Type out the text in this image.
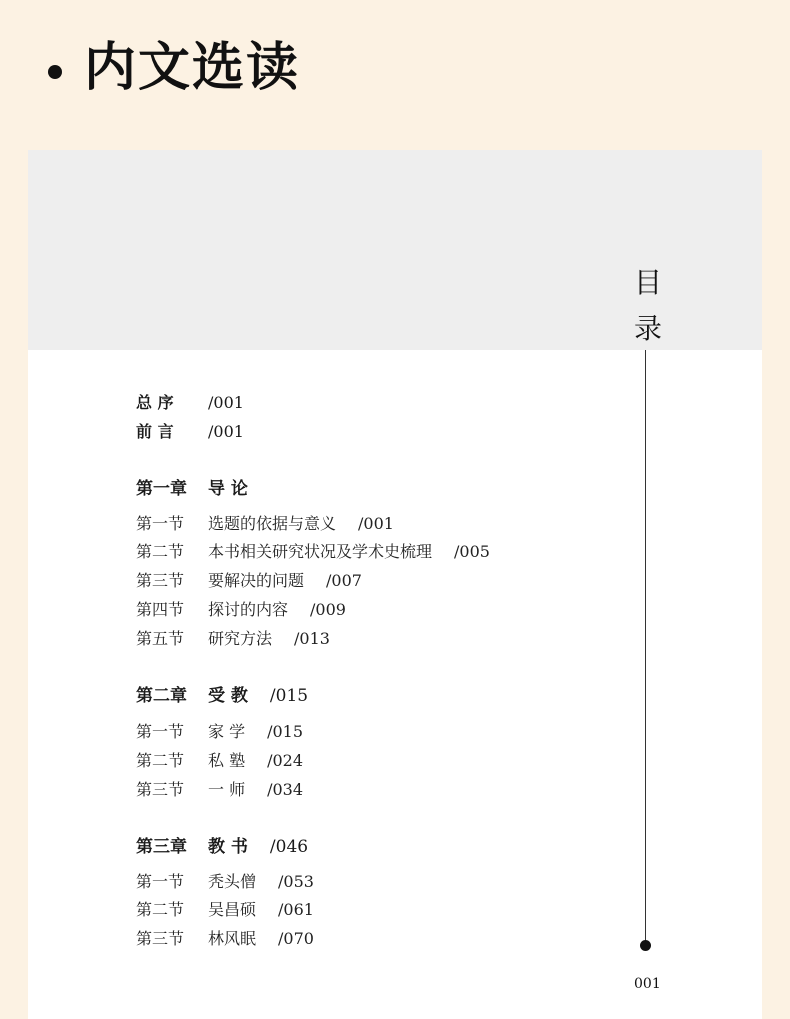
内文选读
目
录
总 序 /001
前 言 /001
第一章 导 论
第一节 选题的依据与意义 /001
第二节 本书相关研究状况及学术史梳理 /005
第三节 要解决的问题 /007
第四节 探讨的内容 /009
第五节 研究方法 /013
第二章 受 教 /015
第一节 家 学 /015
第二节 私 塾 /024
第三节 一 师 /034
第三章 教 书 /046
第一节 秃头僧 /053
第二节 吴昌硕 /061
第三节 林风眠 /070
001
